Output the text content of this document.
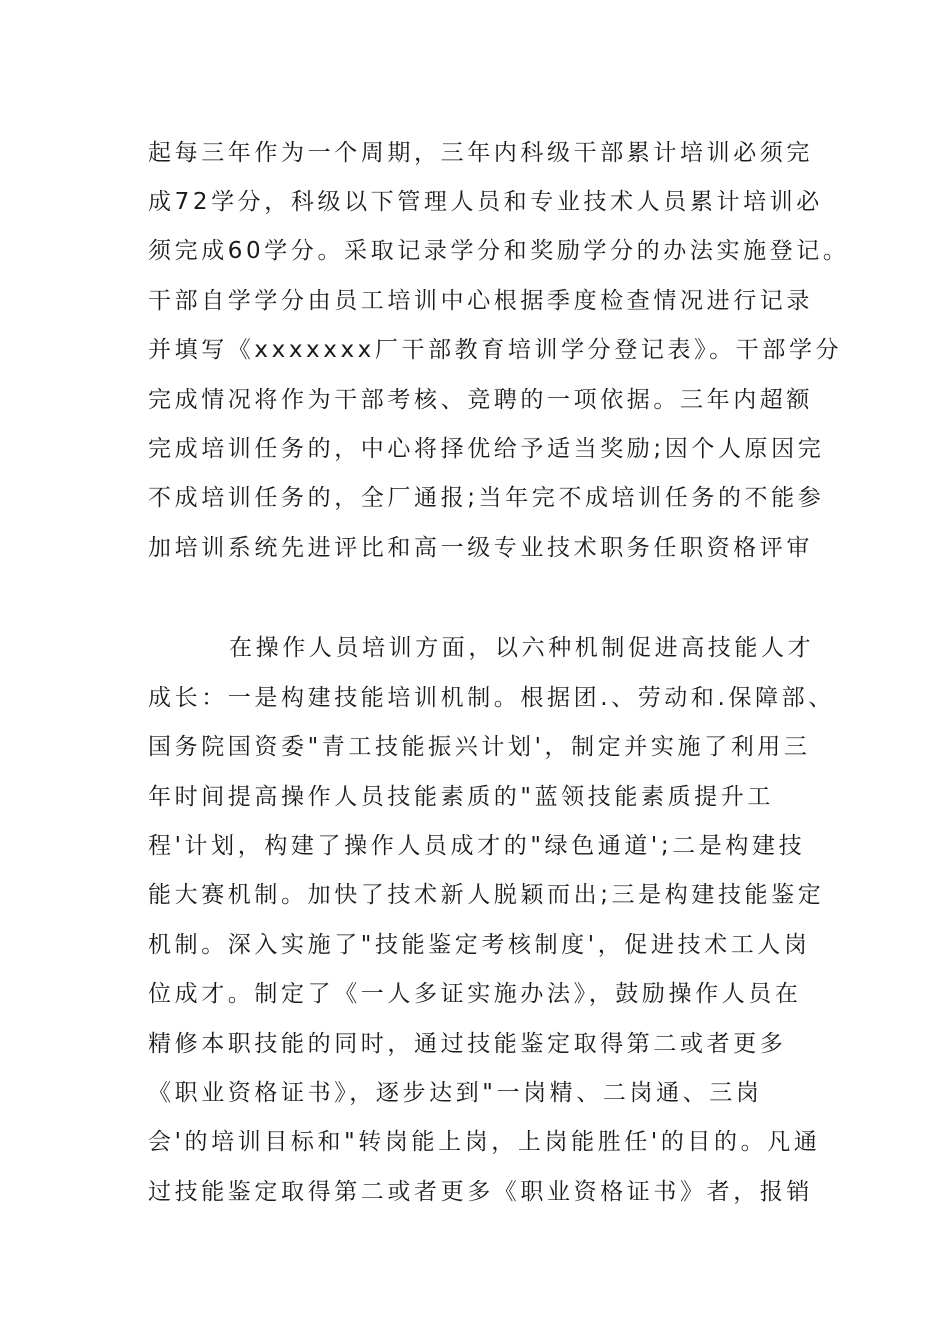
起每三年作为一个周期，三年内科级干部累计培训必须完
成72学分，科级以下管理人员和专业技术人员累计培训必
须完成60学分。采取记录学分和奖励学分的办法实施登记。
干部自学学分由员工培训中心根据季度检查情况进行记录
并填写《xxxxxxx厂干部教育培训学分登记表》。干部学分
完成情况将作为干部考核、竞聘的一项依据。三年内超额
完成培训任务的，中心将择优给予适当奖励;因个人原因完
不成培训任务的，全厂通报;当年完不成培训任务的不能参
加培训系统先进评比和高一级专业技术职务任职资格评审
在操作人员培训方面，以六种机制促进高技能人才
成长：一是构建技能培训机制。根据团.、劳动和.保障部、
国务院国资委"青工技能振兴计划'，制定并实施了利用三
年时间提高操作人员技能素质的"蓝领技能素质提升工
程'计划，构建了操作人员成才的"绿色通道';二是构建技
能大赛机制。加快了技术新人脱颖而出;三是构建技能鉴定
机制。深入实施了"技能鉴定考核制度'，促进技术工人岗
位成才。制定了《一人多证实施办法》，鼓励操作人员在
精修本职技能的同时，通过技能鉴定取得第二或者更多
《职业资格证书》，逐步达到"一岗精、二岗通、三岗
会'的培训目标和"转岗能上岗，上岗能胜任'的目的。凡通
过技能鉴定取得第二或者更多《职业资格证书》者，报销
